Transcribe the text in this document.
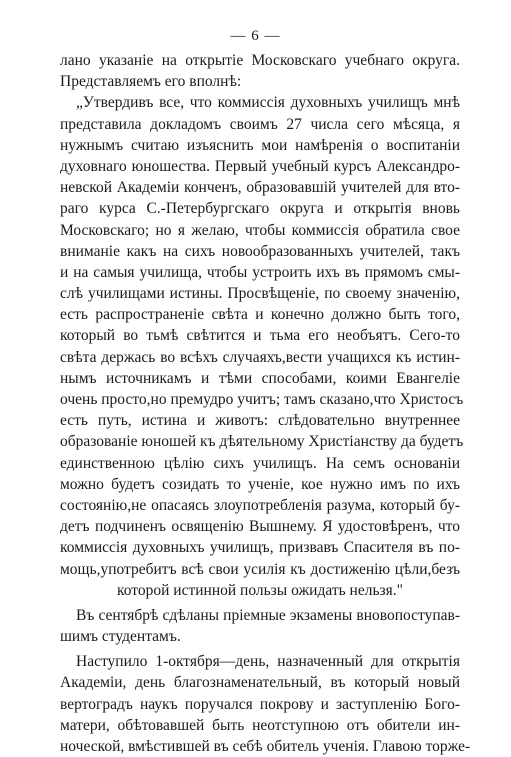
— 6 —
лано указаніе на открытіе Московскаго учебнаго округа.
Представляемъ его вполнѣ:
„Утвердивъ все, что коммиссія духовныхъ училищъ мнѣ
представила докладомъ своимъ 27 числа сего мѣсяца, я
нужнымъ считаю изъяснить мои намѣренія о воспитаніи
духовнаго юношества. Первый учебный курсъ Александро-
невской Академіи конченъ, образовавшій учителей для вто-
раго курса С.-Петербургскаго округа и открытія вновь
Московскаго; но я желаю, чтобы коммиссія обратила свое
вниманіе какъ на сихъ новообразованныхъ учителей, такъ
и на самыя училища, чтобы устроить ихъ въ прямомъ смы-
слѣ училищами истины. Просвѣщеніе, по своему значенію,
есть распространеніе свѣта и конечно должно быть того,
который во тьмѣ свѣтится и тьма его необъятъ. Сего-то
свѣта держась во всѣхъ случаяхъ,вести учащихся къ истин-
нымъ источникамъ и тѣми способами, коими Евангеліе
очень просто,но премудро учитъ; тамъ сказано,что Христосъ
есть путь, истина и животъ: слѣдовательно внутреннее
образованіе юношей къ дѣятельному Христіанству да будетъ
единственною цѣлію сихъ училищъ. На семъ основаніи
можно будетъ созидать то ученіе, кое нужно имъ по ихъ
состоянію,не опасаясь злоупотребленія разума, который бу-
детъ подчиненъ освященію Вышнему. Я удостовѣренъ, что
коммиссія духовныхъ училищъ, призвавъ Спасителя въ по-
мощь,употребитъ всѣ свои усилія къ достиженію цѣли,безъ
которой истинной пользы ожидать нельзя."
Въ сентябрѣ сдѣланы пріемные экзамены вновопоступав-
шимъ студентамъ.
Наступило 1-октября—день, назначенный для открытія
Академіи, день благознаменательный, въ который новый
вертоградъ наукъ поручался покрову и заступленію Бого-
матери, обѣтовавшей быть неотступною отъ обители ин-
ноческой, вмѣстившей въ себѣ обитель ученія. Главою торже-
